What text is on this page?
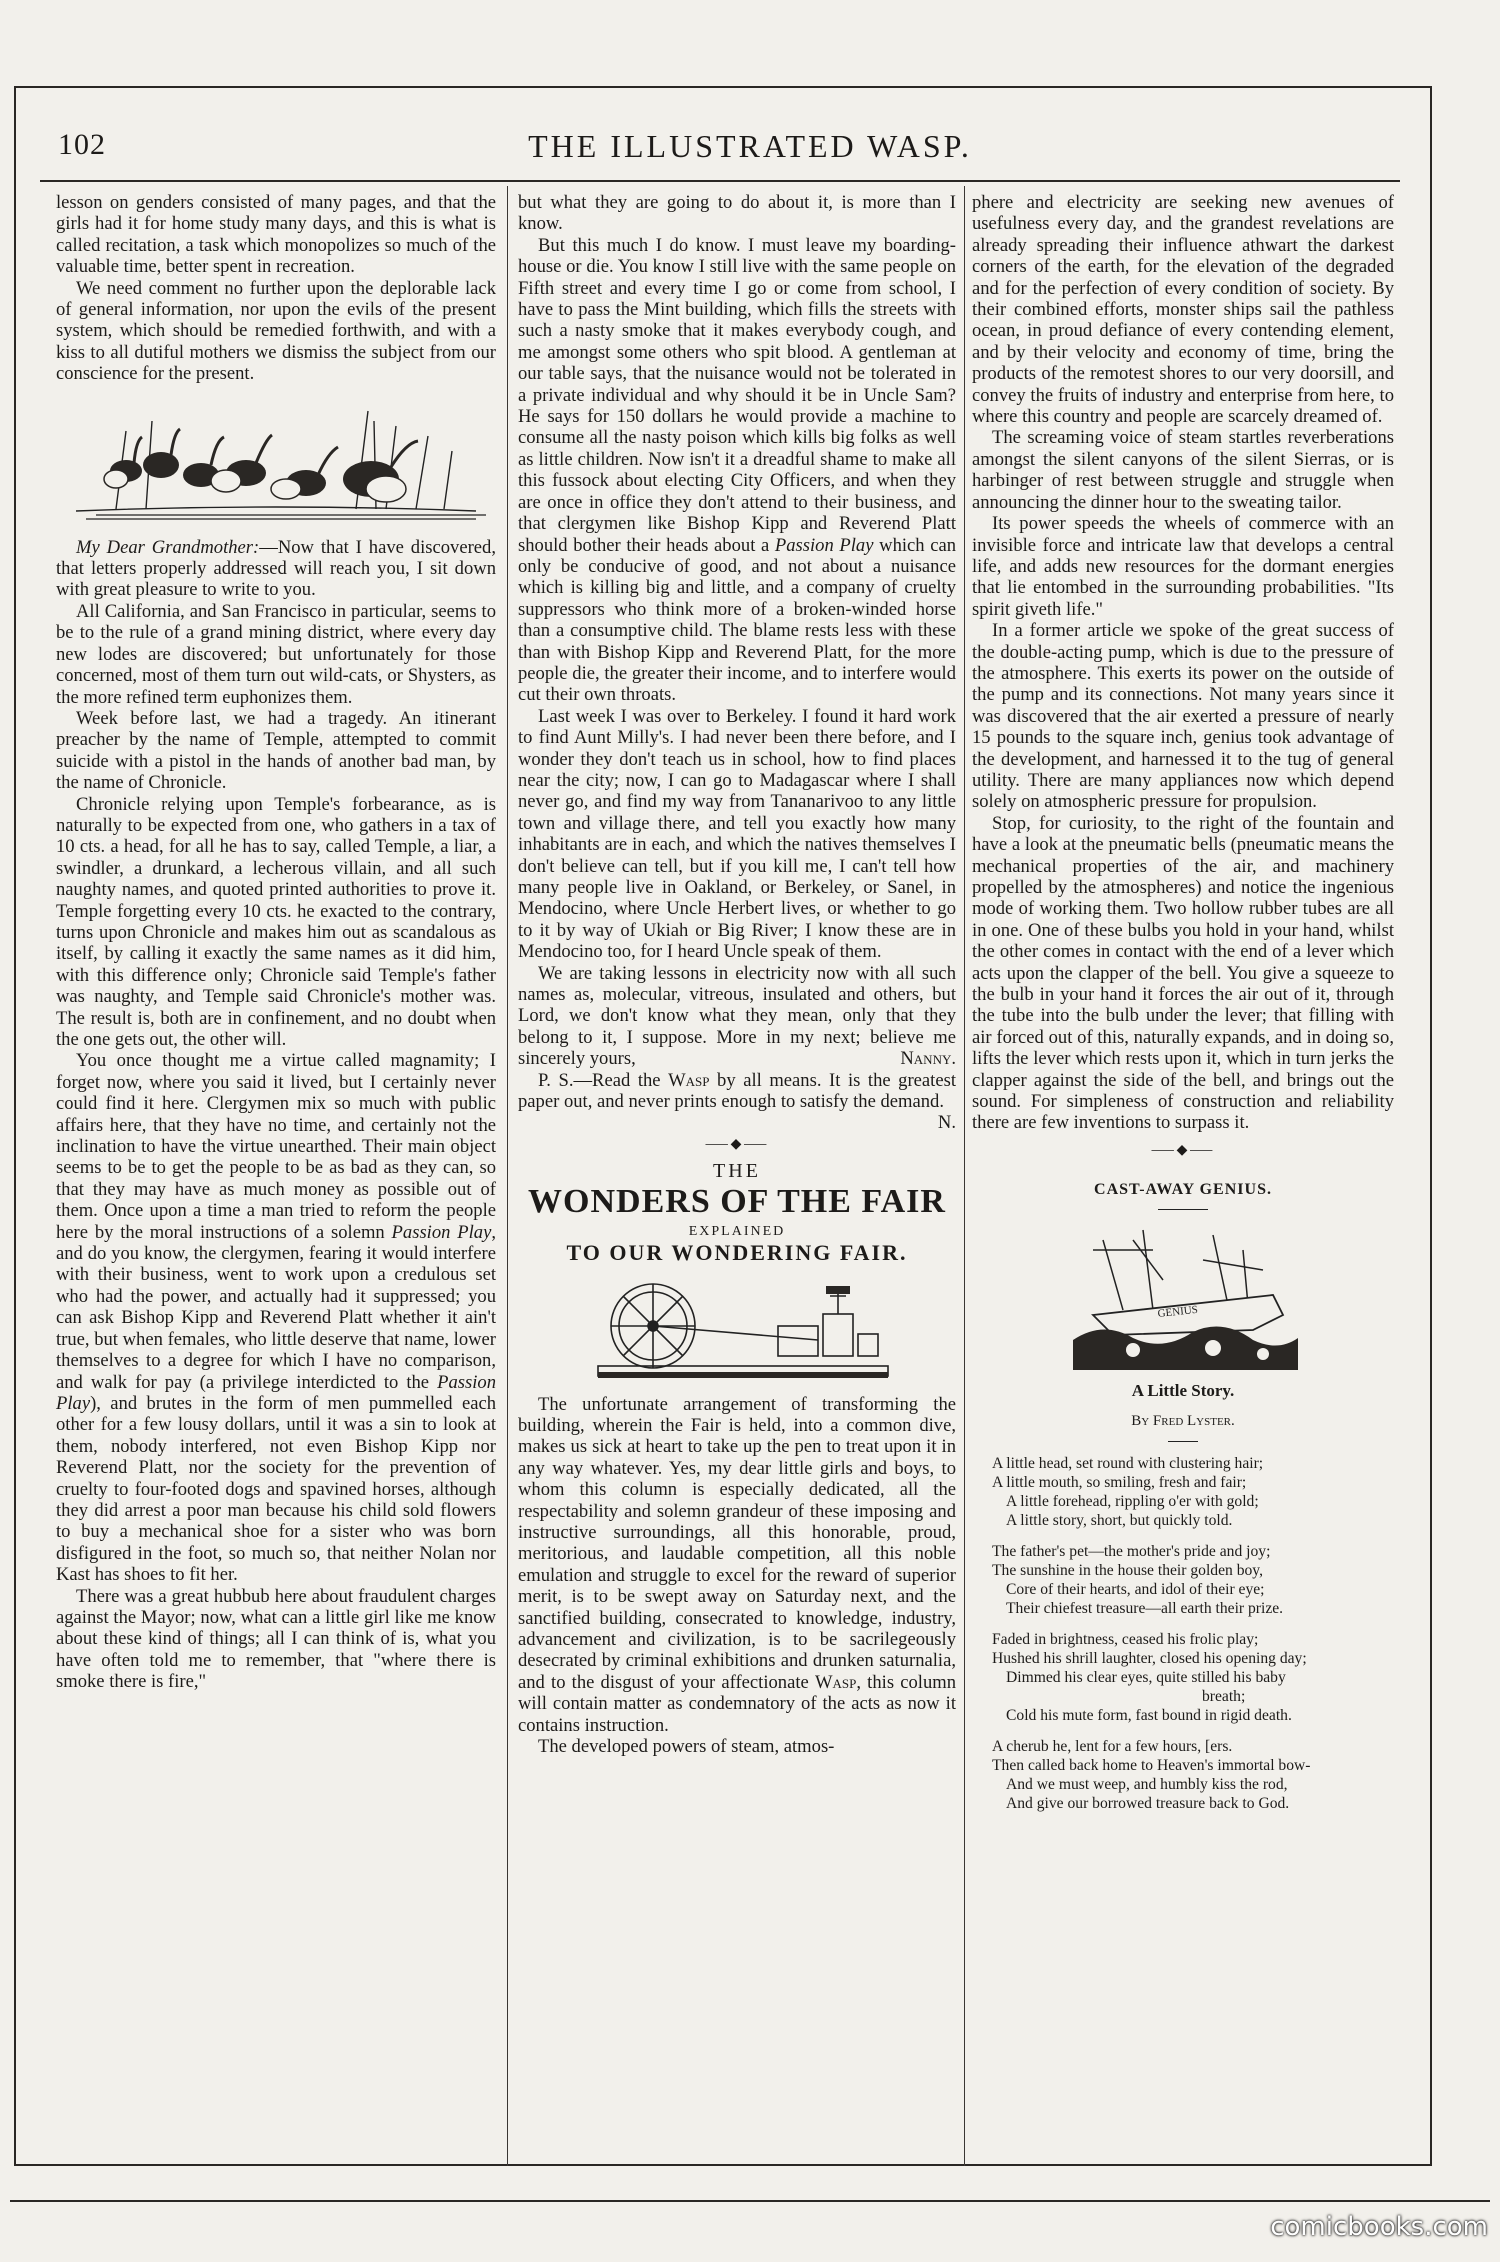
102	THE ILLUSTRATED WASP.

lesson on genders consisted of many pages, and that the girls had it for home study many days, and this is what is called recitation, a task which monopolizes so much of the valuable time, better spent in recreation.

We need comment no further upon the deplorable lack of general information, nor upon the evils of the present system, which should be remedied forthwith, and with a kiss to all dutiful mothers we dismiss the subject from our conscience for the present.

My Dear Grandmother:—Now that I have discovered, that letters properly addressed will reach you, I sit down with great pleasure to write to you.

All California, and San Francisco in particular, seems to be to the rule of a grand mining district, where every day new lodes are discovered; but unfortunately for those concerned, most of them turn out wild-cats, or Shysters, as the more refined term euphonizes them.

Week before last, we had a tragedy. An itinerant preacher by the name of Temple, attempted to commit suicide with a pistol in the hands of another bad man, by the name of Chronicle.

Chronicle relying upon Temple's forbearance, as is naturally to be expected from one, who gathers in a tax of 10 cts. a head, for all he has to say, called Temple, a liar, a swindler, a drunkard, a lecherous villain, and all such naughty names, and quoted printed authorities to prove it. Temple forgetting every 10 cts. he exacted to the contrary, turns upon Chronicle and makes him out as scandalous as itself, by calling it exactly the same names as it did him, with this difference only; Chronicle said Temple's father was naughty, and Temple said Chronicle's mother was. The result is, both are in confinement, and no doubt when the one gets out, the other will.

You once thought me a virtue called magnamity; I forget now, where you said it lived, but I certainly never could find it here. Clergymen mix so much with public affairs here, that they have no time, and certainly not the inclination to have the virtue unearthed. Their main object seems to be to get the people to be as bad as they can, so that they may have as much money as possible out of them. Once upon a time a man tried to reform the people here by the moral instructions of a solemn Passion Play, and do you know, the clergymen, fearing it would interfere with their business, went to work upon a credulous set who had the power, and actually had it suppressed; you can ask Bishop Kipp and Reverend Platt whether it ain't true, but when females, who little deserve that name, lower themselves to a degree for which I have no comparison, and walk for pay (a privilege interdicted to the Passion Play), and brutes in the form of men pummelled each other for a few lousy dollars, until it was a sin to look at them, nobody interfered, not even Bishop Kipp nor Reverend Platt, nor the society for the prevention of cruelty to four-footed dogs and spavined horses, although they did arrest a poor man because his child sold flowers to buy a mechanical shoe for a sister who was born disfigured in the foot, so much so, that neither Nolan nor Kast has shoes to fit her.

There was a great hubbub here about fraudulent charges against the Mayor; now, what can a little girl like me know about these kind of things; all I can think of is, what you have often told me to remember, that "where there is smoke there is fire,"

but what they are going to do about it, is more than I know.

But this much I do know. I must leave my boarding-house or die. You know I still live with the same people on Fifth street and every time I go or come from school, I have to pass the Mint building, which fills the streets with such a nasty smoke that it makes everybody cough, and me amongst some others who spit blood. A gentleman at our table says, that the nuisance would not be tolerated in a private individual and why should it be in Uncle Sam? He says for 150 dollars he would provide a machine to consume all the nasty poison which kills big folks as well as little children. Now isn't it a dreadful shame to make all this fussock about electing City Officers, and when they are once in office they don't attend to their business, and that clergymen like Bishop Kipp and Reverend Platt should bother their heads about a Passion Play which can only be conducive of good, and not about a nuisance which is killing big and little, and a company of cruelty suppressors who think more of a broken-winded horse than a consumptive child. The blame rests less with these than with Bishop Kipp and Reverend Platt, for the more people die, the greater their income, and to interfere would cut their own throats.

Last week I was over to Berkeley. I found it hard work to find Aunt Milly's. I had never been there before, and I wonder they don't teach us in school, how to find places near the city; now, I can go to Madagascar where I shall never go, and find my way from Tananarivoo to any little town and village there, and tell you exactly how many inhabitants are in each, and which the natives themselves I don't believe can tell, but if you kill me, I can't tell how many people live in Oakland, or Berkeley, or Sanel, in Mendocino, where Uncle Herbert lives, or whether to go to it by way of Ukiah or Big River; I know these are in Mendocino too, for I heard Uncle speak of them.

We are taking lessons in electricity now with all such names as, molecular, vitreous, insulated and others, but Lord, we don't know what they mean, only that they belong to it, I suppose. More in my next; believe me sincerely yours,	Nanny.

P. S.—Read the Wasp by all means. It is the greatest paper out, and never prints enough to satisfy the demand.
N.

⸺◆⸺
THE
WONDERS OF THE FAIR
EXPLAINED
TO OUR WONDERING FAIR.

The unfortunate arrangement of transforming the building, wherein the Fair is held, into a common dive, makes us sick at heart to take up the pen to treat upon it in any way whatever. Yes, my dear little girls and boys, to whom this column is especially dedicated, all the respectability and solemn grandeur of these imposing and instructive surroundings, all this honorable, proud, meritorious, and laudable competition, all this noble emulation and struggle to excel for the reward of superior merit, is to be swept away on Saturday next, and the sanctified building, consecrated to knowledge, industry, advancement and civilization, is to be sacrilegeously desecrated by criminal exhibitions and drunken saturnalia, and to the disgust of your affectionate Wasp, this column will contain matter as condemnatory of the acts as now it contains instruction.

The developed powers of steam, atmos-

phere and electricity are seeking new avenues of usefulness every day, and the grandest revelations are already spreading their influence athwart the darkest corners of the earth, for the elevation of the degraded and for the perfection of every condition of society. By their combined efforts, monster ships sail the pathless ocean, in proud defiance of every contending element, and by their velocity and economy of time, bring the products of the remotest shores to our very doorsill, and convey the fruits of industry and enterprise from here, to where this country and people are scarcely dreamed of.

The screaming voice of steam startles reverberations amongst the silent canyons of the silent Sierras, or is harbinger of rest between struggle and struggle when announcing the dinner hour to the sweating tailor.

Its power speeds the wheels of commerce with an invisible force and intricate law that develops a central life, and adds new resources for the dormant energies that lie entombed in the surrounding probabilities. "Its spirit giveth life."

In a former article we spoke of the great success of the double-acting pump, which is due to the pressure of the atmosphere. This exerts its power on the outside of the pump and its connections. Not many years since it was discovered that the air exerted a pressure of nearly 15 pounds to the square inch, genius took advantage of the development, and harnessed it to the tug of general utility. There are many appliances now which depend solely on atmospheric pressure for propulsion.

Stop, for curiosity, to the right of the fountain and have a look at the pneumatic bells (pneumatic means the mechanical properties of the air, and machinery propelled by the atmospheres) and notice the ingenious mode of working them. Two hollow rubber tubes are all in one. One of these bulbs you hold in your hand, whilst the other comes in contact with the end of a lever which acts upon the clapper of the bell. You give a squeeze to the bulb in your hand it forces the air out of it, through the tube into the bulb under the lever; that filling with air forced out of this, naturally expands, and in doing so, lifts the lever which rests upon it, which in turn jerks the clapper against the side of the bell, and brings out the sound. For simpleness of construction and reliability there are few inventions to surpass it.

⸺◆⸺
CAST-AWAY GENIUS.
GENIUS
A Little Story.
By Fred Lyster.
A little head, set round with clustering hair;
A little mouth, so smiling, fresh and fair;
A little forehead, rippling o'er with gold;
A little story, short, but quickly told.
The father's pet—the mother's pride and joy;
The sunshine in the house their golden boy,
Core of their hearts, and idol of their eye;
Their chiefest treasure—all earth their prize.
Faded in brightness, ceased his frolic play;
Hushed his shrill laughter, closed his opening day;
Dimmed his clear eyes, quite stilled his baby
breath;
Cold his mute form, fast bound in rigid death.
A cherub he, lent for a few hours, [ers.
Then called back home to Heaven's immortal bow-
And we must weep, and humbly kiss the rod,
And give our borrowed treasure back to God.
comicbooks.com
